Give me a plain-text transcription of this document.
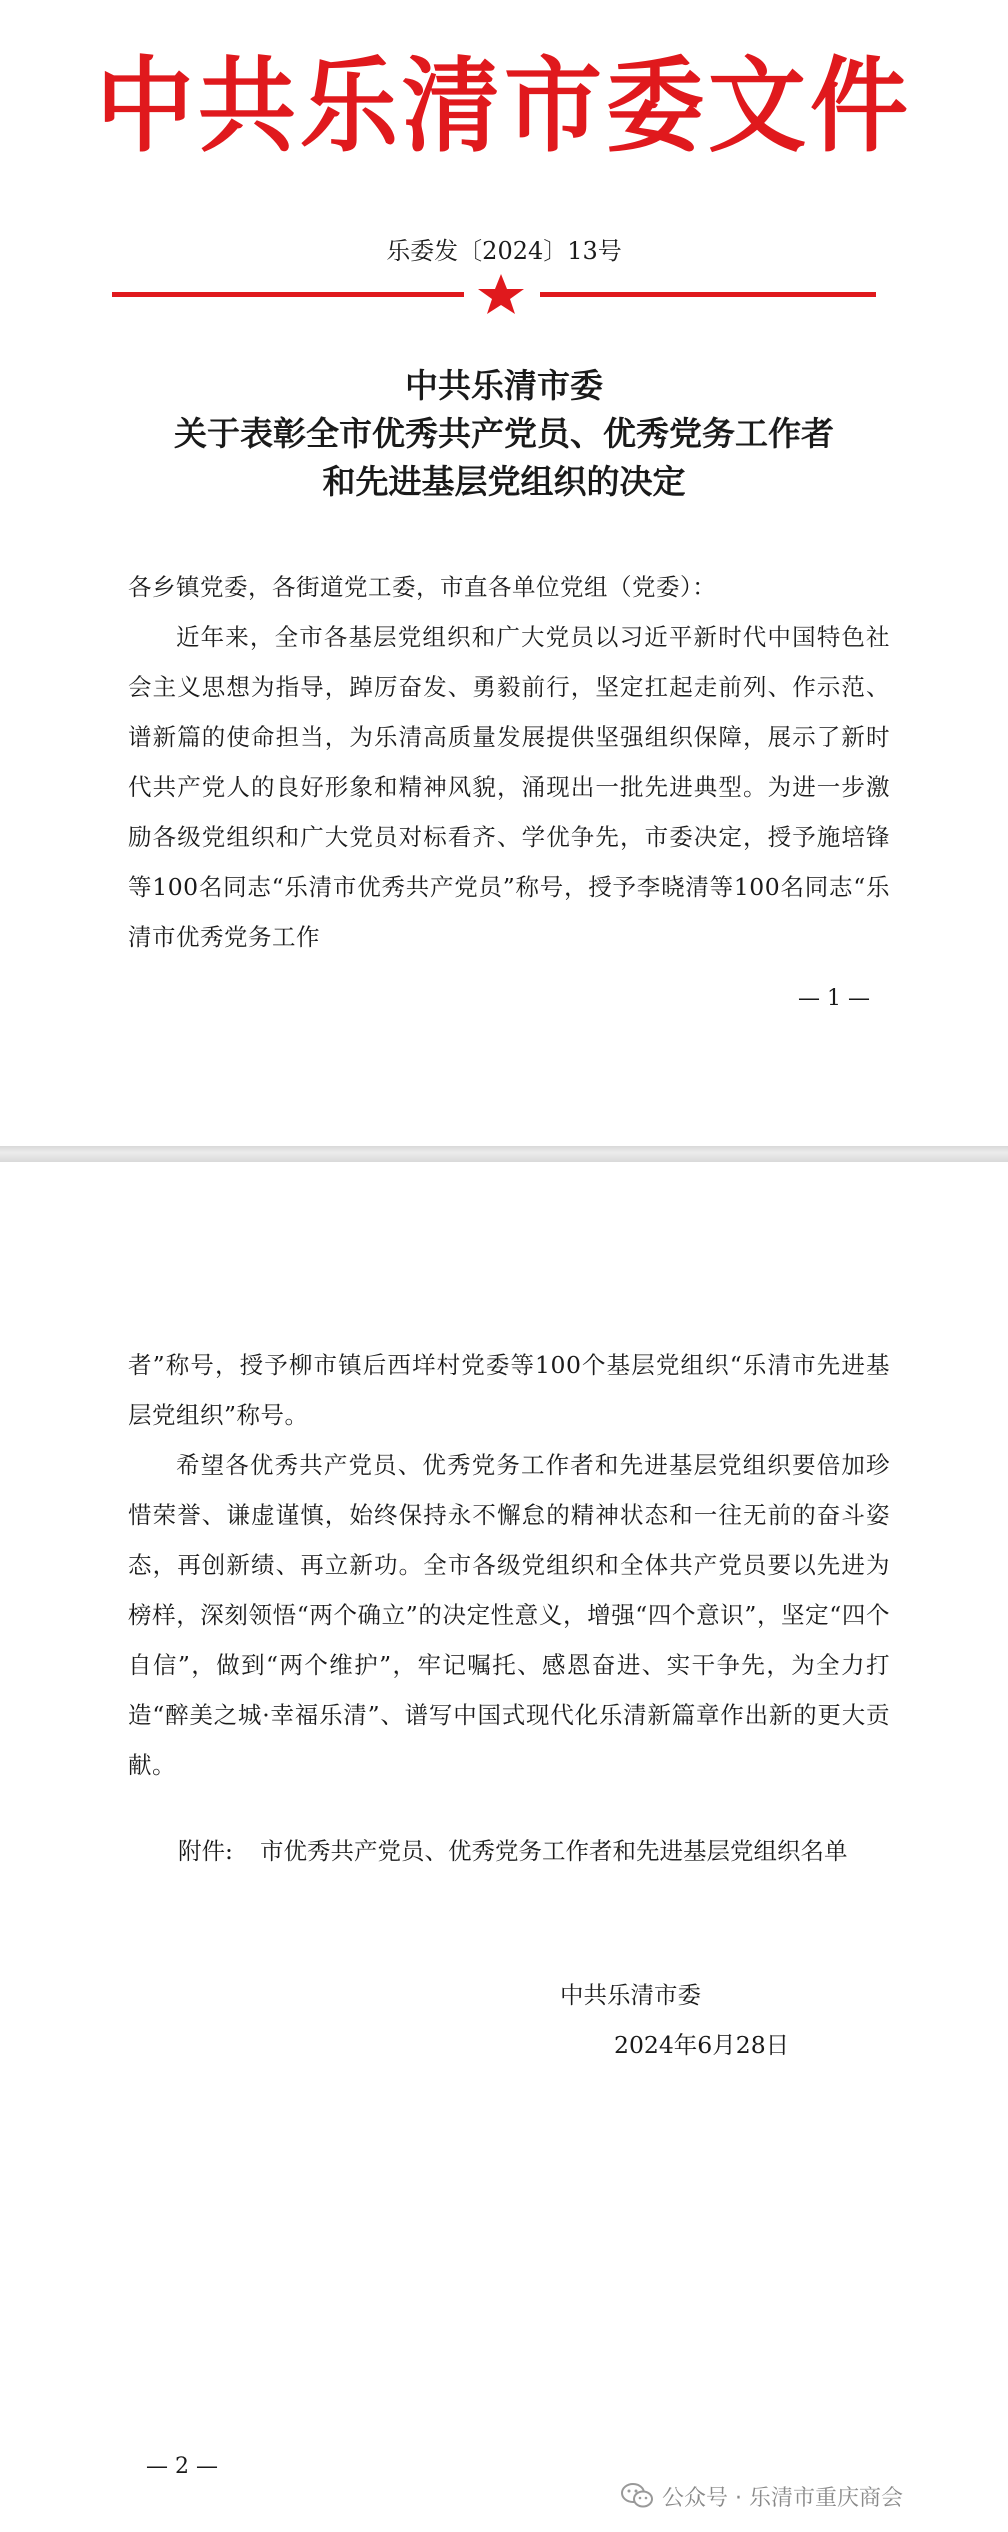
中共乐清市委文件
乐委发〔2024〕13号
中共乐清市委
关于表彰全市优秀共产党员、优秀党务工作者
和先进基层党组织的决定
各乡镇党委，各街道党工委，市直各单位党组（党委）：
近年来，全市各基层党组织和广大党员以习近平新时代中国特色社会主义思想为指导，踔厉奋发、勇毅前行，坚定扛起走前列、作示范、谱新篇的使命担当，为乐清高质量发展提供坚强组织保障，展示了新时代共产党人的良好形象和精神风貌，涌现出一批先进典型。为进一步激励各级党组织和广大党员对标看齐、学优争先，市委决定，授予施培锋等100名同志“乐清市优秀共产党员”称号，授予李晓清等100名同志“乐清市优秀党务工作
— 1 —
者”称号，授予柳市镇后西垟村党委等100个基层党组织“乐清市先进基层党组织”称号。
希望各优秀共产党员、优秀党务工作者和先进基层党组织要倍加珍惜荣誉、谦虚谨慎，始终保持永不懈怠的精神状态和一往无前的奋斗姿态，再创新绩、再立新功。全市各级党组织和全体共产党员要以先进为榜样，深刻领悟“两个确立”的决定性意义，增强“四个意识”，坚定“四个自信”，做到“两个维护”，牢记嘱托、感恩奋进、实干争先，为全力打造“醉美之城·幸福乐清”、谱写中国式现代化乐清新篇章作出新的更大贡献。
附件: 市优秀共产党员、优秀党务工作者和先进基层党组织名单
中共乐清市委
2024年6月28日
— 2 —
公众号 · 乐清市重庆商会
